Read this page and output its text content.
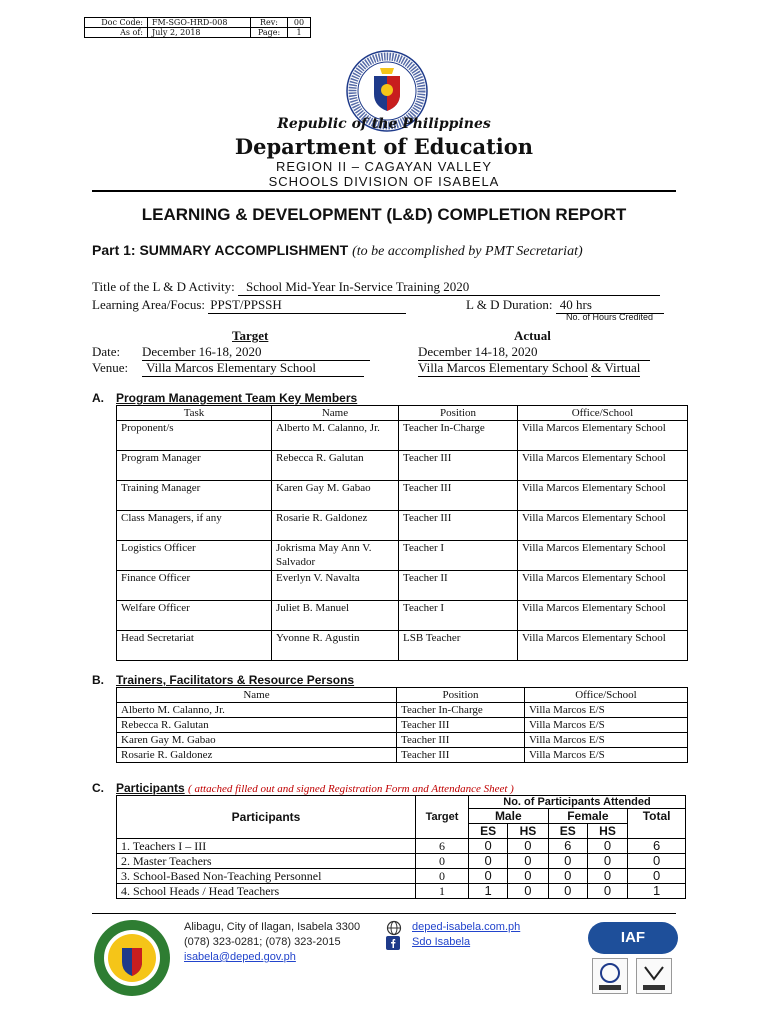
Doc Code:	FM-SGO-HRD-008	Rev:	00
As of:	July 2, 2018	Page:	1
Republic of the Philippines
Department of Education
REGION II – CAGAYAN VALLEY
SCHOOLS DIVISION OF ISABELA
LEARNING & DEVELOPMENT (L&D) COMPLETION REPORT
Part 1: SUMMARY ACCOMPLISHMENT (to be accomplished by PMT Secretariat)
Title of the L & D Activity: School Mid-Year In-Service Training 2020
Learning Area/Focus: PPST/PPSSH	L & D Duration: 40 hrs
No. of Hours Credited
Target	Actual
Date: December 16-18, 2020	December 14-18, 2020
Venue:	Villa Marcos Elementary School	Villa Marcos Elementary School & Virtual
A. Program Management Team Key Members
Task	Name	Position	Office/School
Proponent/s	Alberto M. Calanno, Jr.	Teacher In-Charge	Villa Marcos Elementary School
Program Manager	Rebecca R. Galutan	Teacher III	Villa Marcos Elementary School
Training Manager	Karen Gay M. Gabao	Teacher III	Villa Marcos Elementary School
Class Managers, if any	Rosarie R. Galdonez	Teacher III	Villa Marcos Elementary School
Logistics Officer	Jokrisma May Ann V. Salvador	Teacher I	Villa Marcos Elementary School
Finance Officer	Everlyn V. Navalta	Teacher II	Villa Marcos Elementary School
Welfare Officer	Juliet B. Manuel	Teacher I	Villa Marcos Elementary School
Head Secretariat	Yvonne R. Agustin	LSB Teacher	Villa Marcos Elementary School
B. Trainers, Facilitators & Resource Persons
Name	Position	Office/School
Alberto M. Calanno, Jr.	Teacher In-Charge	Villa Marcos E/S
Rebecca R. Galutan	Teacher III	Villa Marcos E/S
Karen Gay M. Gabao	Teacher III	Villa Marcos E/S
Rosarie R. Galdonez	Teacher III	Villa Marcos E/S
C. Participants ( attached filled out and signed Registration Form and Attendance Sheet )
Participants	Target	No. of Participants Attended				
		Male		Female		Total
		ES	HS	ES	HS	
1. Teachers I – III	6	0	0	6	0	6
2. Master Teachers	0	0	0	0	0	0
3. School-Based Non-Teaching Personnel	0	0	0	0	0	0
4. School Heads / Head Teachers	1	1	0	0	0	1
Alibagu, City of Ilagan, Isabela 3300
(078) 323-0281; (078) 323-2015
isabela@deped.gov.ph
deped-isabela.com.ph
Sdo Isabela	IAF
